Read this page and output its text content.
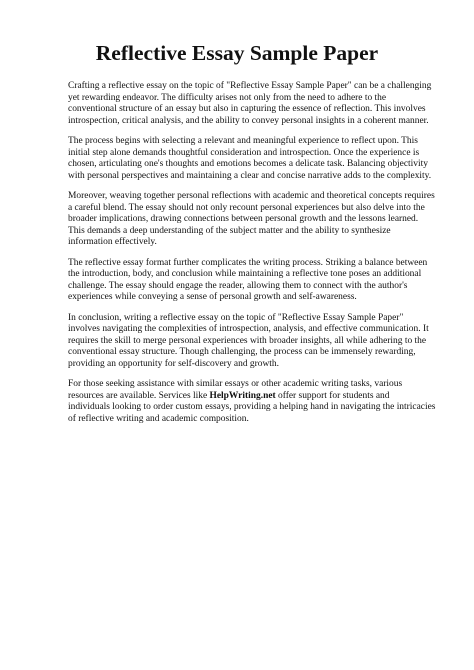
Reflective Essay Sample Paper

Crafting a reflective essay on the topic of "Reflective Essay Sample Paper" can be a challenging
yet rewarding endeavor. The difficulty arises not only from the need to adhere to the
conventional structure of an essay but also in capturing the essence of reflection. This involves
introspection, critical analysis, and the ability to convey personal insights in a coherent manner.

The process begins with selecting a relevant and meaningful experience to reflect upon. This
initial step alone demands thoughtful consideration and introspection. Once the experience is
chosen, articulating one's thoughts and emotions becomes a delicate task. Balancing objectivity
with personal perspectives and maintaining a clear and concise narrative adds to the complexity.

Moreover, weaving together personal reflections with academic and theoretical concepts requires
a careful blend. The essay should not only recount personal experiences but also delve into the
broader implications, drawing connections between personal growth and the lessons learned.
This demands a deep understanding of the subject matter and the ability to synthesize
information effectively.

The reflective essay format further complicates the writing process. Striking a balance between
the introduction, body, and conclusion while maintaining a reflective tone poses an additional
challenge. The essay should engage the reader, allowing them to connect with the author's
experiences while conveying a sense of personal growth and self-awareness.

In conclusion, writing a reflective essay on the topic of "Reflective Essay Sample Paper"
involves navigating the complexities of introspection, analysis, and effective communication. It
requires the skill to merge personal experiences with broader insights, all while adhering to the
conventional essay structure. Though challenging, the process can be immensely rewarding,
providing an opportunity for self-discovery and growth.

For those seeking assistance with similar essays or other academic writing tasks, various
resources are available. Services like HelpWriting.net offer support for students and
individuals looking to order custom essays, providing a helping hand in navigating the intricacies
of reflective writing and academic composition.
